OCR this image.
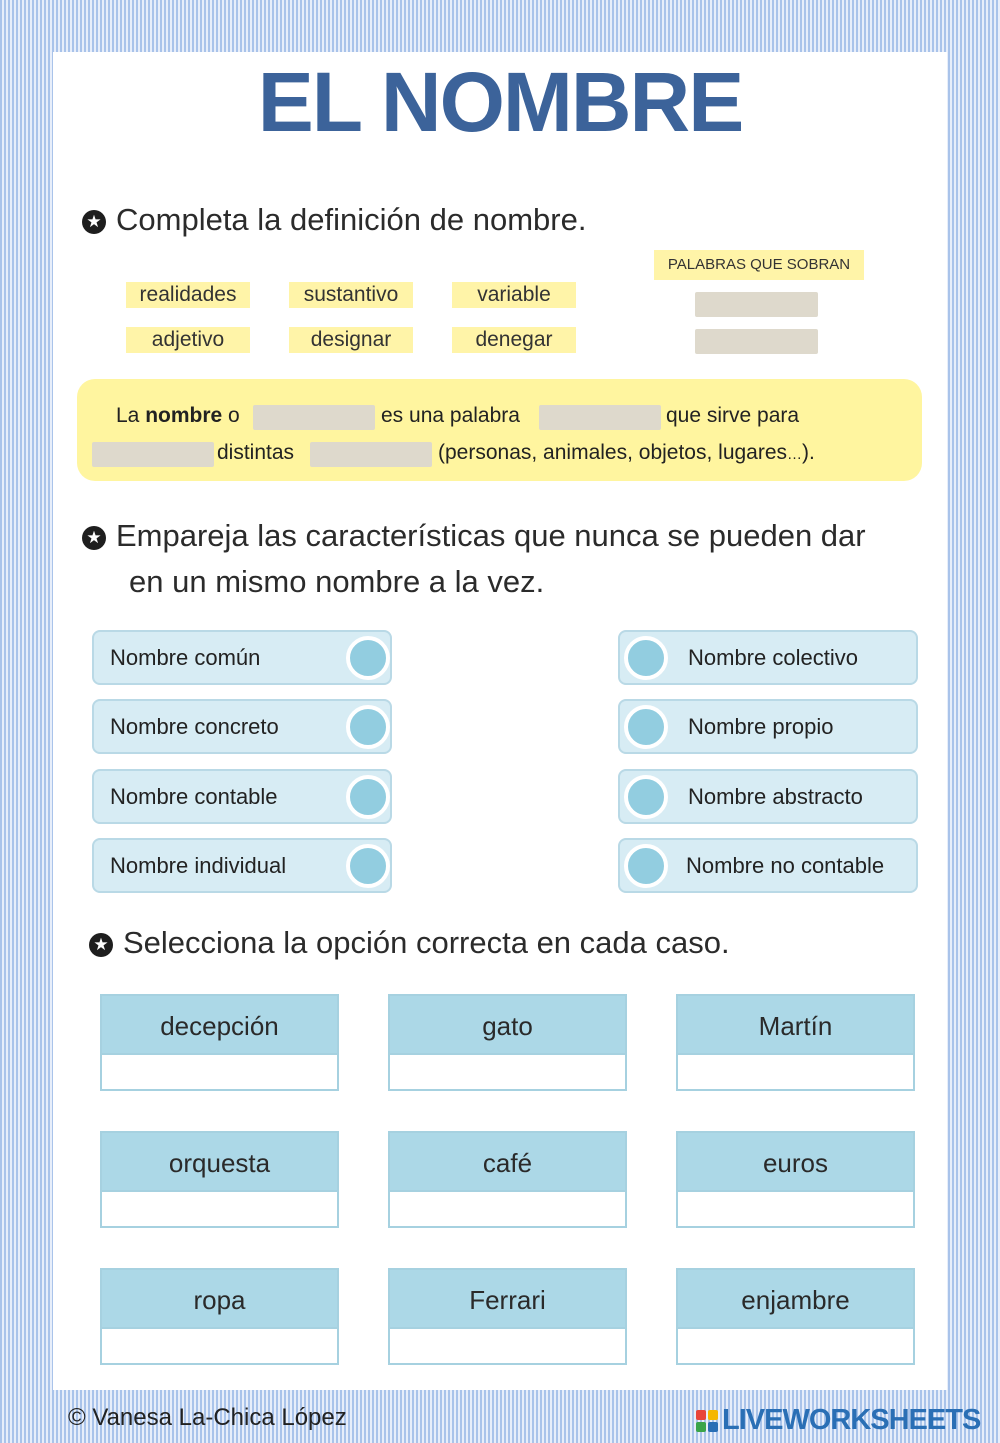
EL NOMBRE
★ Completa la definición de nombre.
realidades	sustantivo	variable
adjetivo	designar	denegar
PALABRAS QUE SOBRAN
La nombre o	es una palabra	que sirve para
distintas	(personas, animales, objetos, lugares…).
★ Empareja las características que nunca se pueden dar
en un mismo nombre a la vez.
Nombre común
Nombre concreto
Nombre contable
Nombre individual
Nombre colectivo
Nombre propio
Nombre abstracto
Nombre no contable
★ Selecciona la opción correcta en cada caso.
decepción	gato	Martín
orquesta	café	euros
ropa	Ferrari	enjambre
© Vanesa La-Chica López	LIVEWORKSHEETS
